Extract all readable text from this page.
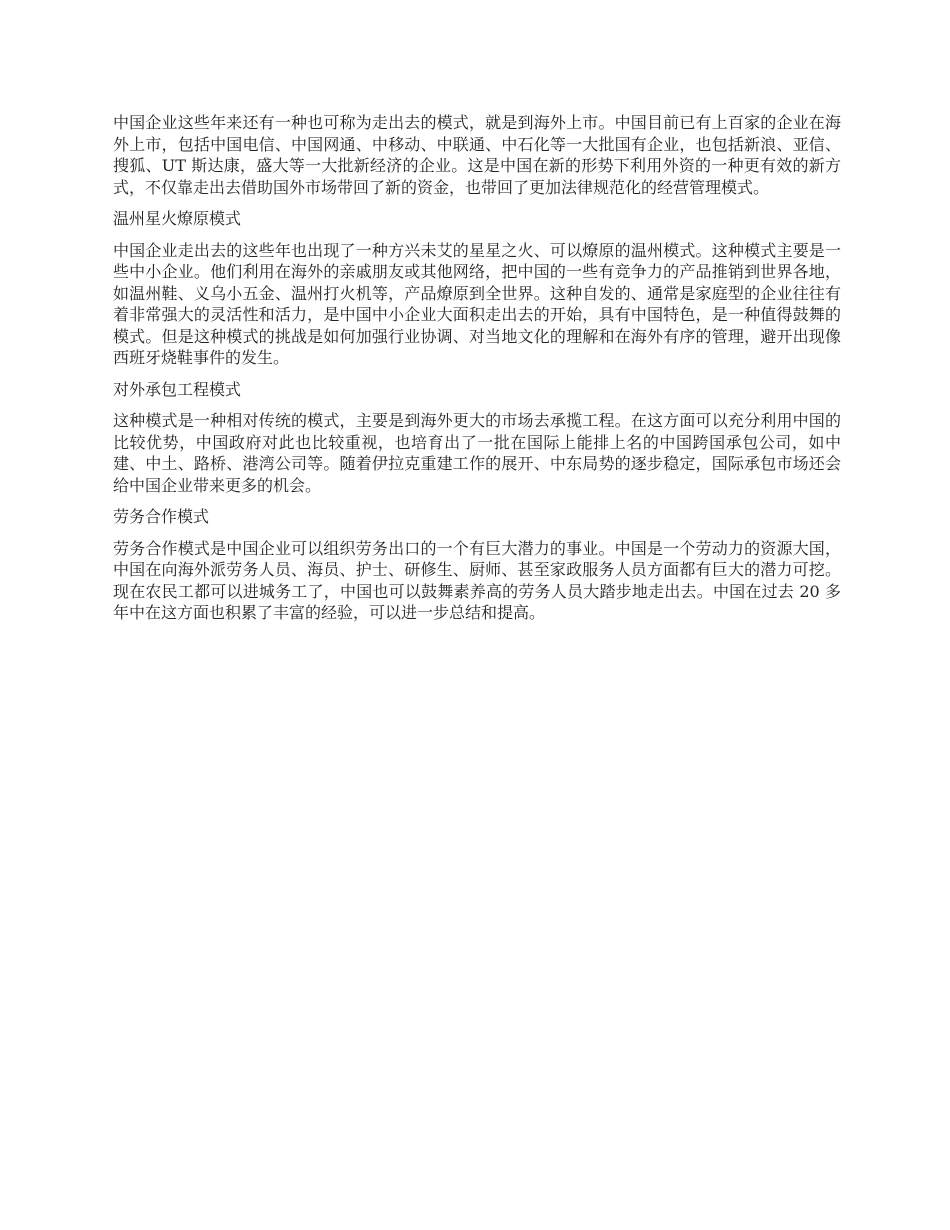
中国企业这些年来还有一种也可称为走出去的模式，就是到海外上市。中国目前已有上百家的企业在海外上市，包括中国电信、中国网通、中移动、中联通、中石化等一大批国有企业，也包括新浪、亚信、搜狐、UT 斯达康，盛大等一大批新经济的企业。这是中国在新的形势下利用外资的一种更有效的新方式，不仅靠走出去借助国外市场带回了新的资金，也带回了更加法律规范化的经营管理模式。

温州星火燎原模式

中国企业走出去的这些年也出现了一种方兴未艾的星星之火、可以燎原的温州模式。这种模式主要是一些中小企业。他们利用在海外的亲戚朋友或其他网络，把中国的一些有竞争力的产品推销到世界各地，如温州鞋、义乌小五金、温州打火机等，产品燎原到全世界。这种自发的、通常是家庭型的企业往往有着非常强大的灵活性和活力，是中国中小企业大面积走出去的开始，具有中国特色，是一种值得鼓舞的模式。但是这种模式的挑战是如何加强行业协调、对当地文化的理解和在海外有序的管理，避开出现像西班牙烧鞋事件的发生。

对外承包工程模式

这种模式是一种相对传统的模式，主要是到海外更大的市场去承揽工程。在这方面可以充分利用中国的比较优势，中国政府对此也比较重视，也培育出了一批在国际上能排上名的中国跨国承包公司，如中建、中土、路桥、港湾公司等。随着伊拉克重建工作的展开、中东局势的逐步稳定，国际承包市场还会给中国企业带来更多的机会。

劳务合作模式

劳务合作模式是中国企业可以组织劳务出口的一个有巨大潜力的事业。中国是一个劳动力的资源大国，中国在向海外派劳务人员、海员、护士、研修生、厨师、甚至家政服务人员方面都有巨大的潜力可挖。现在农民工都可以进城务工了，中国也可以鼓舞素养高的劳务人员大踏步地走出去。中国在过去 20 多年中在这方面也积累了丰富的经验，可以进一步总结和提高。
